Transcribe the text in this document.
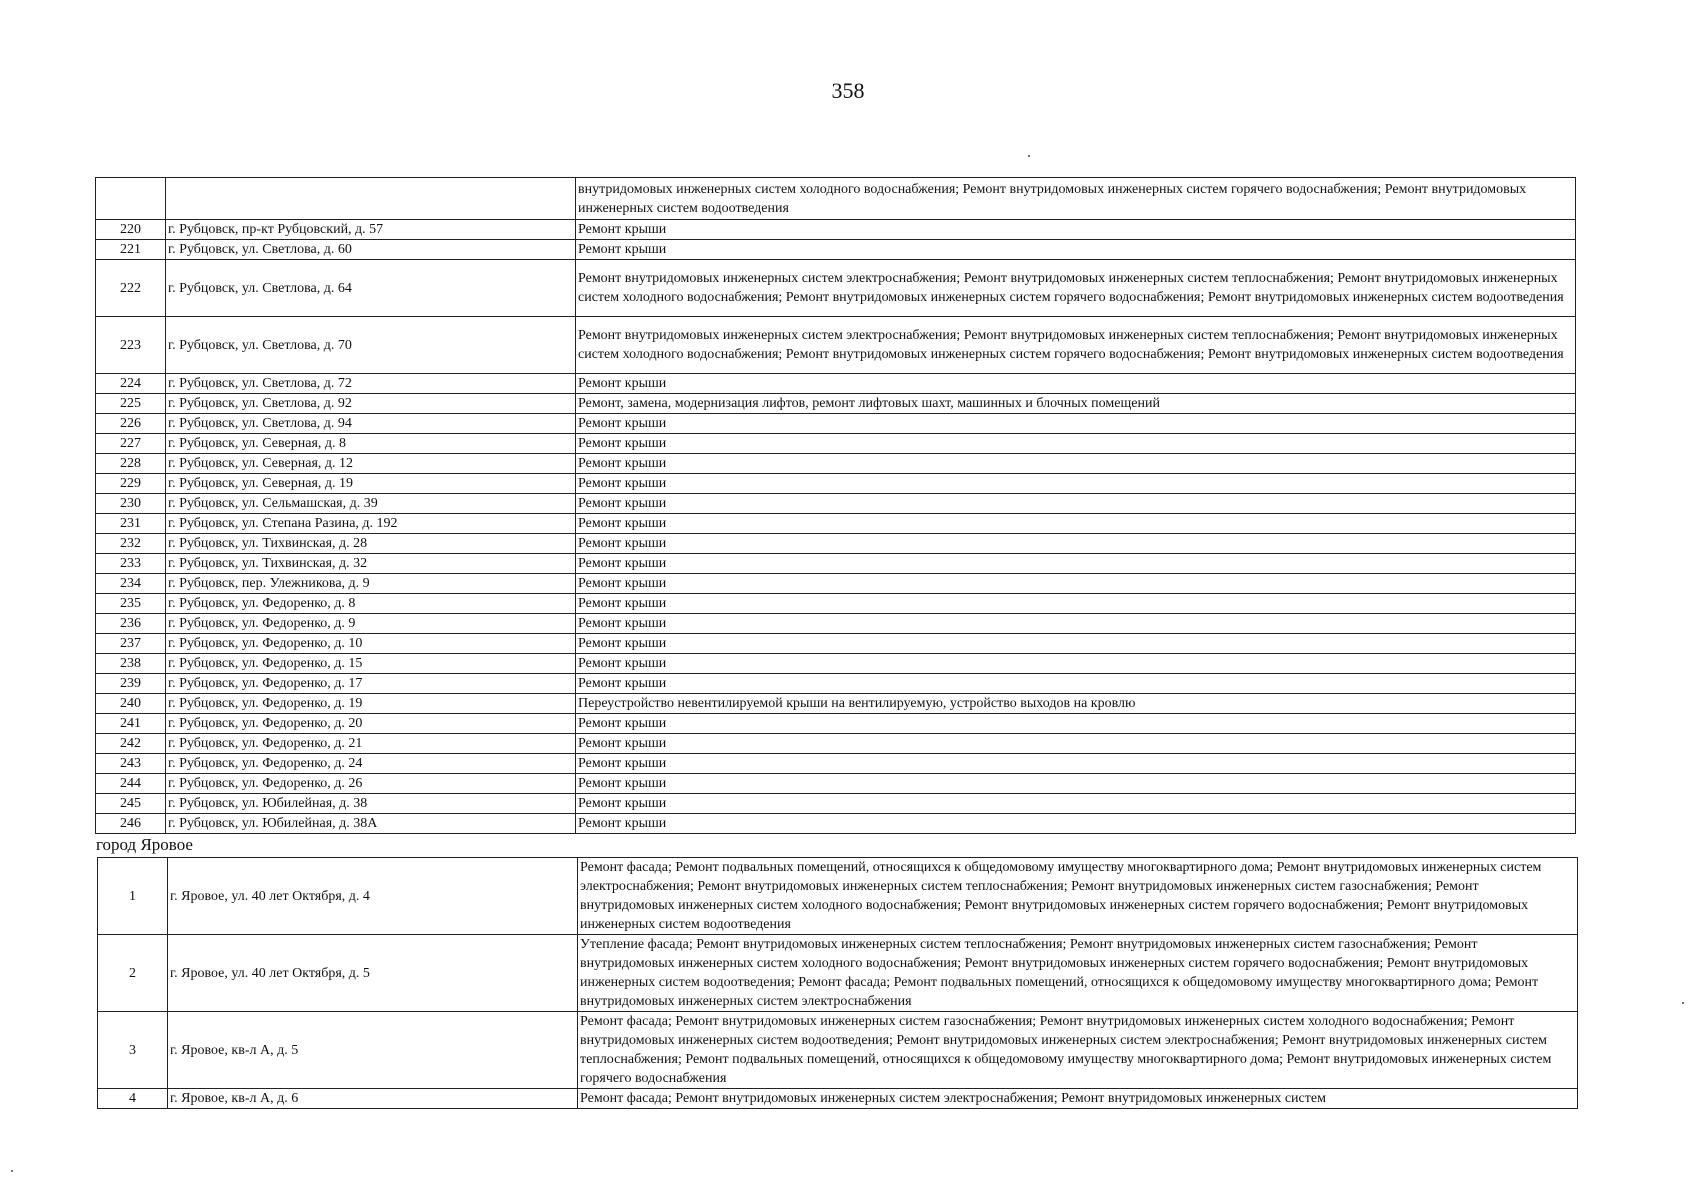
358
		внутридомовых инженерных систем холодного водоснабжения; Ремонт внутридомовых инженерных систем горячего водоснабжения; Ремонт внутридомовых инженерных систем водоотведения
220	г. Рубцовск, пр-кт Рубцовский, д. 57	Ремонт крыши
221	г. Рубцовск, ул. Светлова, д. 60	Ремонт крыши
222	г. Рубцовск, ул. Светлова, д. 64	Ремонт внутридомовых инженерных систем электроснабжения; Ремонт внутридомовых инженерных систем теплоснабжения; Ремонт внутридомовых инженерных систем холодного водоснабжения; Ремонт внутридомовых инженерных систем горячего водоснабжения; Ремонт внутридомовых инженерных систем водоотведения
223	г. Рубцовск, ул. Светлова, д. 70	Ремонт внутридомовых инженерных систем электроснабжения; Ремонт внутридомовых инженерных систем теплоснабжения; Ремонт внутридомовых инженерных систем холодного водоснабжения; Ремонт внутридомовых инженерных систем горячего водоснабжения; Ремонт внутридомовых инженерных систем водоотведения
224	г. Рубцовск, ул. Светлова, д. 72	Ремонт крыши
225	г. Рубцовск, ул. Светлова, д. 92	Ремонт, замена, модернизация лифтов, ремонт лифтовых шахт, машинных и блочных помещений
226	г. Рубцовск, ул. Светлова, д. 94	Ремонт крыши
227	г. Рубцовск, ул. Северная, д. 8	Ремонт крыши
228	г. Рубцовск, ул. Северная, д. 12	Ремонт крыши
229	г. Рубцовск, ул. Северная, д. 19	Ремонт крыши
230	г. Рубцовск, ул. Сельмашская, д. 39	Ремонт крыши
231	г. Рубцовск, ул. Степана Разина, д. 192	Ремонт крыши
232	г. Рубцовск, ул. Тихвинская, д. 28	Ремонт крыши
233	г. Рубцовск, ул. Тихвинская, д. 32	Ремонт крыши
234	г. Рубцовск, пер. Улежникова, д. 9	Ремонт крыши
235	г. Рубцовск, ул. Федоренко, д. 8	Ремонт крыши
236	г. Рубцовск, ул. Федоренко, д. 9	Ремонт крыши
237	г. Рубцовск, ул. Федоренко, д. 10	Ремонт крыши
238	г. Рубцовск, ул. Федоренко, д. 15	Ремонт крыши
239	г. Рубцовск, ул. Федоренко, д. 17	Ремонт крыши
240	г. Рубцовск, ул. Федоренко, д. 19	Переустройство невентилируемой крыши на вентилируемую, устройство выходов на кровлю
241	г. Рубцовск, ул. Федоренко, д. 20	Ремонт крыши
242	г. Рубцовск, ул. Федоренко, д. 21	Ремонт крыши
243	г. Рубцовск, ул. Федоренко, д. 24	Ремонт крыши
244	г. Рубцовск, ул. Федоренко, д. 26	Ремонт крыши
245	г. Рубцовск, ул. Юбилейная, д. 38	Ремонт крыши
246	г. Рубцовск, ул. Юбилейная, д. 38А	Ремонт крыши
город Яровое
1	г. Яровое, ул. 40 лет Октября, д. 4	Ремонт фасада; Ремонт подвальных помещений, относящихся к общедомовому имуществу многоквартирного дома; Ремонт внутридомовых инженерных систем электроснабжения; Ремонт внутридомовых инженерных систем теплоснабжения; Ремонт внутридомовых инженерных систем газоснабжения; Ремонт внутридомовых инженерных систем холодного водоснабжения; Ремонт внутридомовых инженерных систем горячего водоснабжения; Ремонт внутридомовых инженерных систем водоотведения
2	г. Яровое, ул. 40 лет Октября, д. 5	Утепление фасада; Ремонт внутридомовых инженерных систем теплоснабжения; Ремонт внутридомовых инженерных систем газоснабжения; Ремонт внутридомовых инженерных систем холодного водоснабжения; Ремонт внутридомовых инженерных систем горячего водоснабжения; Ремонт внутридомовых инженерных систем водоотведения; Ремонт фасада; Ремонт подвальных помещений, относящихся к общедомовому имуществу многоквартирного дома; Ремонт внутридомовых инженерных систем электроснабжения
3	г. Яровое, кв-л А, д. 5	Ремонт фасада; Ремонт внутридомовых инженерных систем газоснабжения; Ремонт внутридомовых инженерных систем холодного водоснабжения; Ремонт внутридомовых инженерных систем водоотведения; Ремонт внутридомовых инженерных систем электроснабжения; Ремонт внутридомовых инженерных систем теплоснабжения; Ремонт подвальных помещений, относящихся к общедомовому имуществу многоквартирного дома; Ремонт внутридомовых инженерных систем горячего водоснабжения
4	г. Яровое, кв-л А, д. 6	Ремонт фасада; Ремонт внутридомовых инженерных систем электроснабжения; Ремонт внутридомовых инженерных систем
